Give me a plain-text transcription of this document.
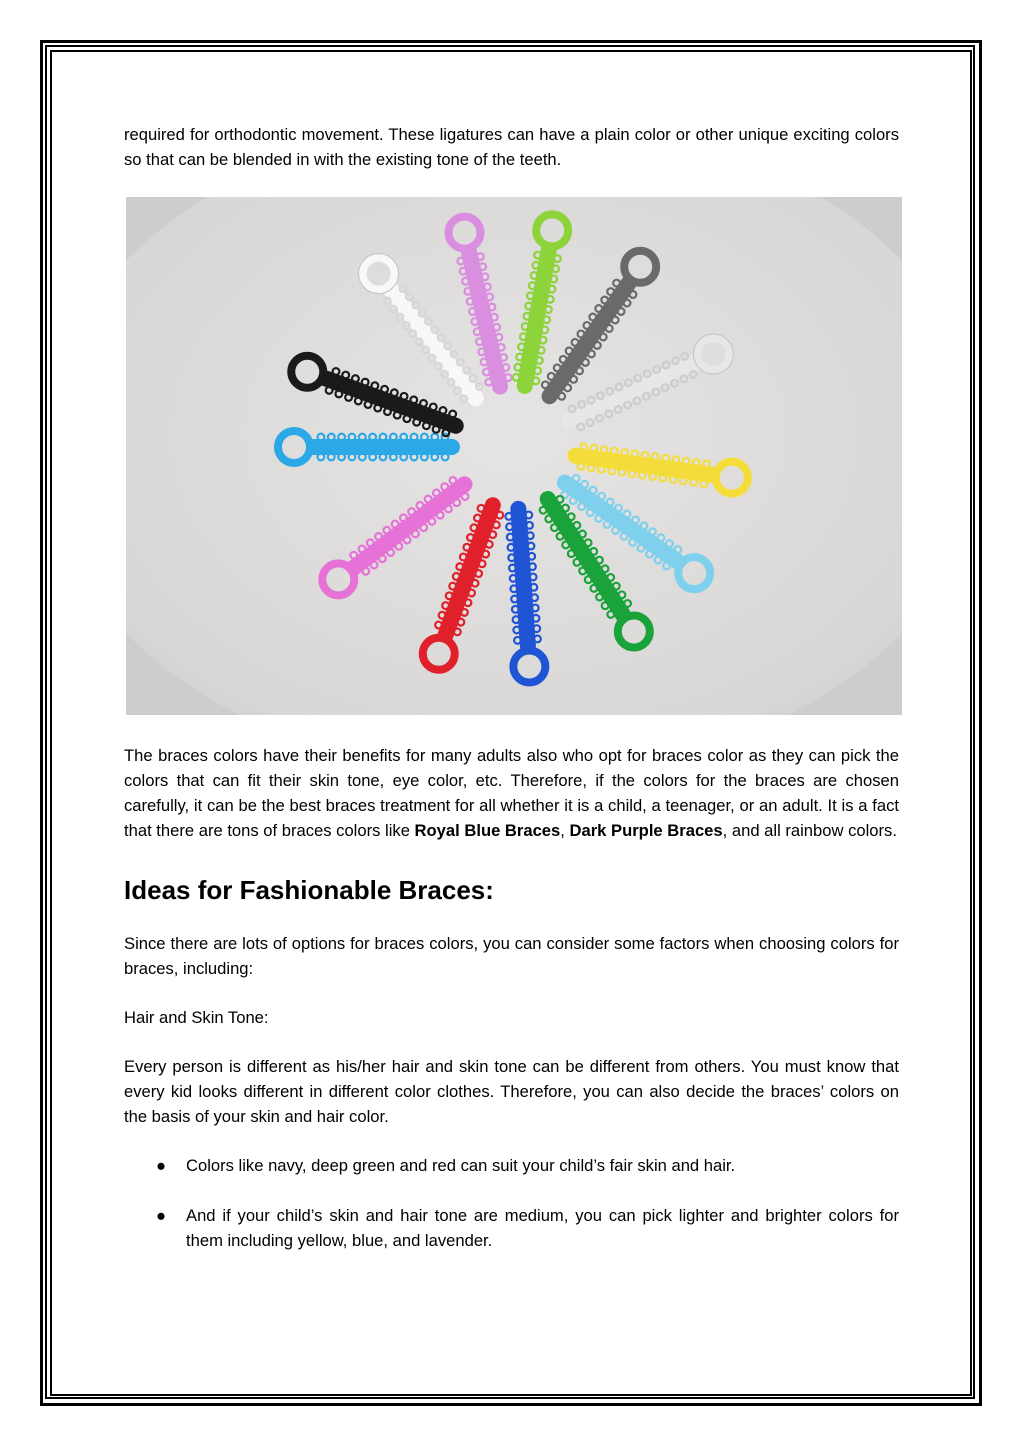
required for orthodontic movement. These ligatures can have a plain color or other unique exciting colors so that can be blended in with the existing tone of the teeth.

The braces colors have their benefits for many adults also who opt for braces color as they can pick the colors that can fit their skin tone, eye color, etc. Therefore, if the colors for the braces are chosen carefully, it can be the best braces treatment for all whether it is a child, a teenager, or an adult. It is a fact that there are tons of braces colors like Royal Blue Braces, Dark Purple Braces, and all rainbow colors.

Ideas for Fashionable Braces:

Since there are lots of options for braces colors, you can consider some factors when choosing colors for braces, including:

Hair and Skin Tone:

Every person is different as his/her hair and skin tone can be different from others. You must know that every kid looks different in different color clothes. Therefore, you can also decide the braces’ colors on the basis of your skin and hair color.

● Colors like navy, deep green and red can suit your child’s fair skin and hair.
● And if your child’s skin and hair tone are medium, you can pick lighter and brighter colors for them including yellow, blue, and lavender.
